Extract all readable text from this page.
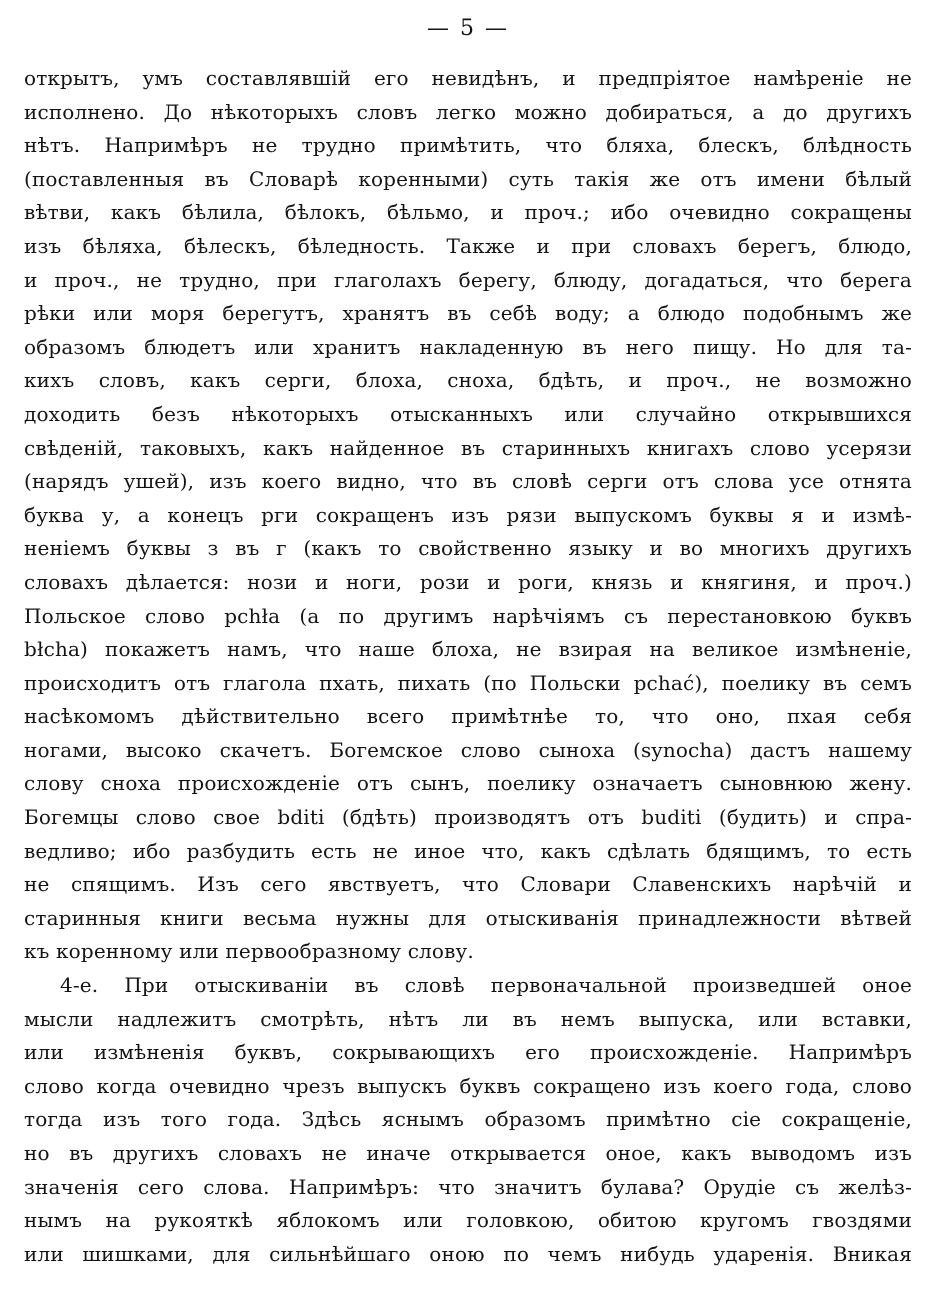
— 5 —
открытъ, умъ составлявшій его невидѣнъ, и предпріятое намѣреніе не
исполнено. До нѣкоторыхъ словъ легко можно добираться, а до другихъ
нѣтъ. Напримѣръ не трудно примѣтить, что бляха, блескъ, блѣдность
(поставленныя въ Словарѣ коренными) суть такія же отъ имени бѣлый
вѣтви, какъ бѣлила, бѣлокъ, бѣльмо, и проч.; ибо очевидно сокращены
изъ бѣляха, бѣлескъ, бѣледность. Также и при словахъ берегъ, блюдо,
и проч., не трудно, при глаголахъ берегу, блюду, догадаться, что берега
рѣки или моря берегутъ, хранятъ въ себѣ воду; а блюдо подобнымъ же
образомъ блюдетъ или хранитъ накладенную въ него пищу. Но для та-
кихъ словъ, какъ серги, блоха, сноха, бдѣть, и проч., не возможно
доходить безъ нѣкоторыхъ отысканныхъ или случайно открывшихся
свѣденій, таковыхъ, какъ найденное въ старинныхъ книгахъ слово усерязи
(нарядъ ушей), изъ коего видно, что въ словѣ серги отъ слова усе отнята
буква у, а конецъ рги сокращенъ изъ рязи выпускомъ буквы я и измѣ-
неніемъ буквы з въ г (какъ то свойственно языку и во многихъ другихъ
словахъ дѣлается: нози и ноги, рози и роги, князь и княгиня, и проч.)
Польское слово pchła (а по другимъ нарѣчіямъ съ перестановкою буквъ
błcha) покажетъ намъ, что наше блоха, не взирая на великое измѣненіе,
происходитъ отъ глагола пхать, пихать (по Польски pchać), поелику въ семъ
насѣкомомъ дѣйствительно всего примѣтнѣе то, что оно, пхая себя
ногами, высоко скачетъ. Богемское слово сыноха (synocha) дастъ нашему
слову сноха происхожденіе отъ сынъ, поелику означаетъ сыновнюю жену.
Богемцы слово свое bditi (бдѣть) производятъ отъ buditi (будить) и спра-
ведливо; ибо разбудить есть не иное что, какъ сдѣлать бдящимъ, то есть
не спящимъ. Изъ сего явствуетъ, что Словари Славенскихъ нарѣчій и
старинныя книги весьма нужны для отыскиванія принадлежности вѣтвей
къ коренному или первообразному слову.
4-е. При отыскиваніи въ словѣ первоначальной произведшей оное
мысли надлежитъ смотрѣть, нѣтъ ли въ немъ выпуска, или вставки,
или измѣненія буквъ, сокрывающихъ его происхожденіе. Напримѣръ
слово когда очевидно чрезъ выпускъ буквъ сокращено изъ коего года, слово
тогда изъ того года. Здѣсь яснымъ образомъ примѣтно сіе сокращеніе,
но въ другихъ словахъ не иначе открывается оное, какъ выводомъ изъ
значенія сего слова. Напримѣръ: что значитъ булава? Орудіе съ желѣз-
нымъ на рукояткѣ яблокомъ или головкою, обитою кругомъ гвоздями
или шишками, для сильнѣйшаго оною по чемъ нибудь ударенія. Вникая
